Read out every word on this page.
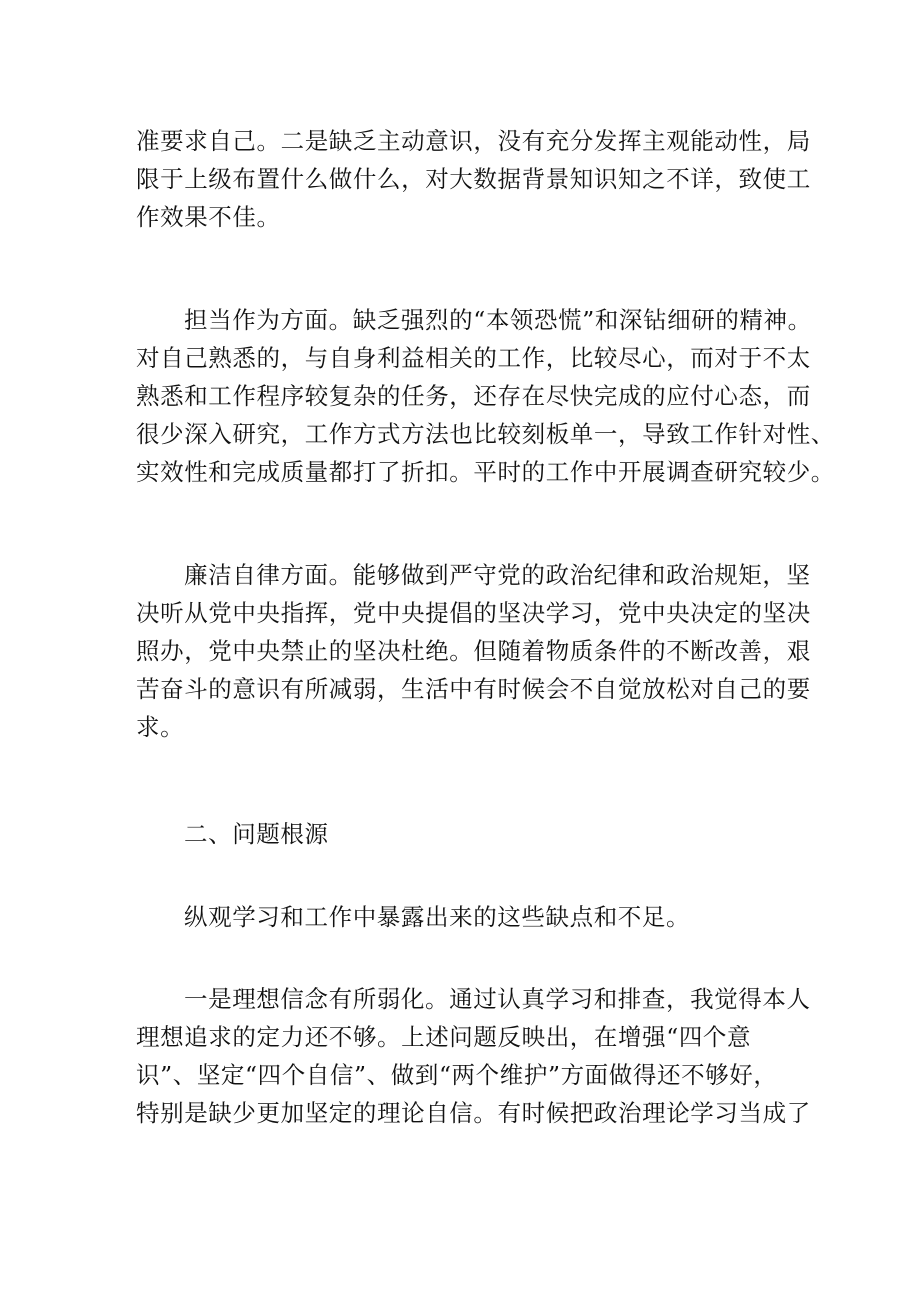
准要求自己。二是缺乏主动意识，没有充分发挥主观能动性，局
限于上级布置什么做什么，对大数据背景知识知之不详，致使工
作效果不佳。
担当作为方面。缺乏强烈的“本领恐慌”和深钻细研的精神。
对自己熟悉的，与自身利益相关的工作，比较尽心，而对于不太
熟悉和工作程序较复杂的任务，还存在尽快完成的应付心态，而
很少深入研究，工作方式方法也比较刻板单一，导致工作针对性、
实效性和完成质量都打了折扣。平时的工作中开展调查研究较少。
廉洁自律方面。能够做到严守党的政治纪律和政治规矩，坚
决听从党中央指挥，党中央提倡的坚决学习，党中央决定的坚决
照办，党中央禁止的坚决杜绝。但随着物质条件的不断改善，艰
苦奋斗的意识有所减弱，生活中有时候会不自觉放松对自己的要
求。
二、问题根源
纵观学习和工作中暴露出来的这些缺点和不足。
一是理想信念有所弱化。通过认真学习和排查，我觉得本人
理想追求的定力还不够。上述问题反映出，在增强“四个意
识”、坚定“四个自信”、做到“两个维护”方面做得还不够好，
特别是缺少更加坚定的理论自信。有时候把政治理论学习当成了
